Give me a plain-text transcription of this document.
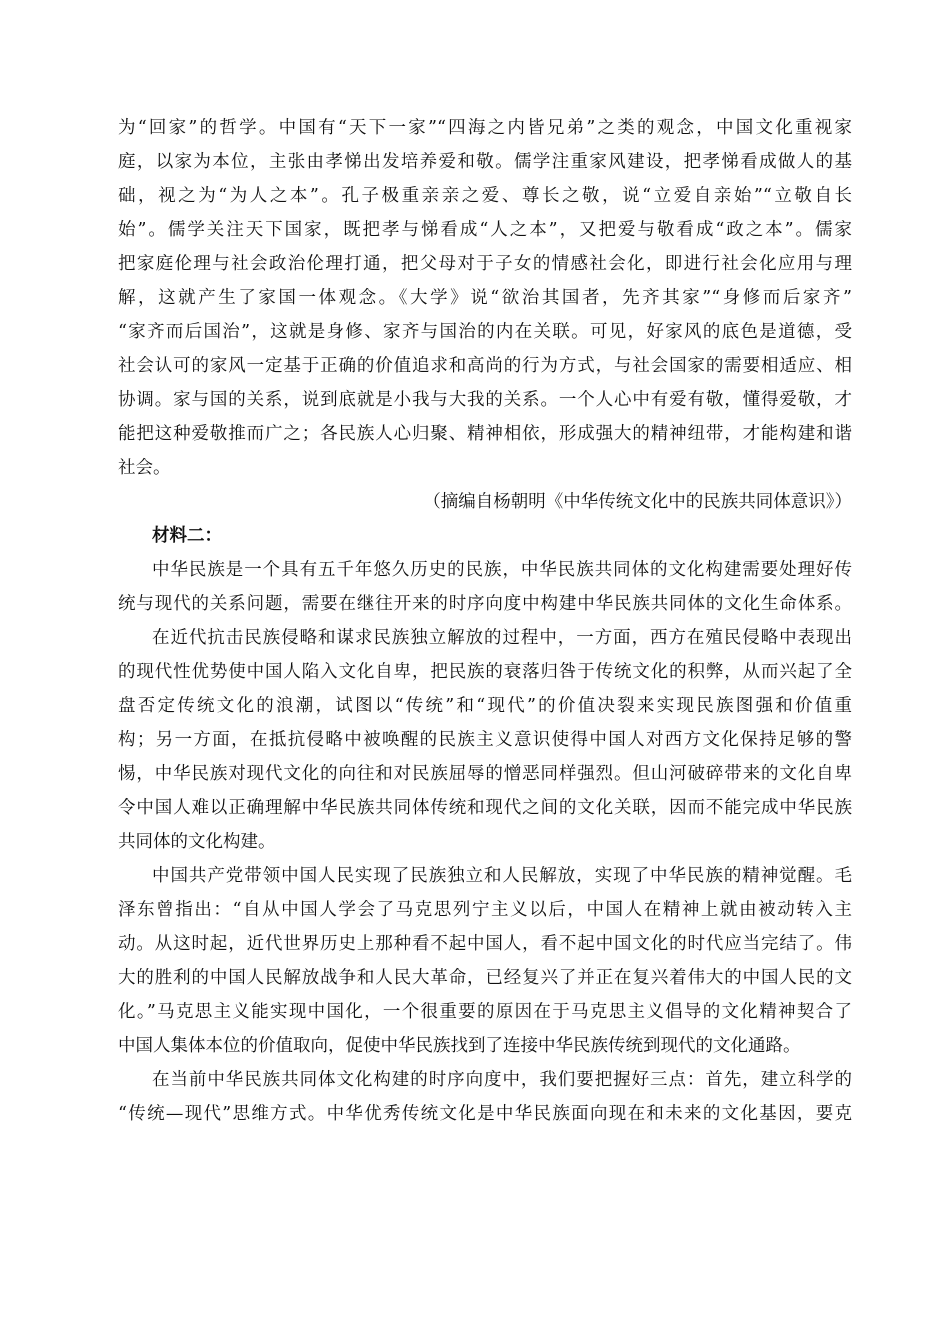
为“回家”的哲学。中国有“天下一家”“四海之内皆兄弟”之类的观念，中国文化重视家
庭，以家为本位，主张由孝悌出发培养爱和敬。儒学注重家风建设，把孝悌看成做人的基
础，视之为“为人之本”。孔子极重亲亲之爱、尊长之敬，说“立爱自亲始”“立敬自长
始”。儒学关注天下国家，既把孝与悌看成“人之本”，又把爱与敬看成“政之本”。儒家
把家庭伦理与社会政治伦理打通，把父母对于子女的情感社会化，即进行社会化应用与理
解，这就产生了家国一体观念。《大学》说“欲治其国者，先齐其家”“身修而后家齐”
“家齐而后国治”，这就是身修、家齐与国治的内在关联。可见，好家风的底色是道德，受
社会认可的家风一定基于正确的价值追求和高尚的行为方式，与社会国家的需要相适应、相
协调。家与国的关系，说到底就是小我与大我的关系。一个人心中有爱有敬，懂得爱敬，才
能把这种爱敬推而广之；各民族人心归聚、精神相依，形成强大的精神纽带，才能构建和谐
社会。
（摘编自杨朝明《中华传统文化中的民族共同体意识》）
材料二：
中华民族是一个具有五千年悠久历史的民族，中华民族共同体的文化构建需要处理好传
统与现代的关系问题，需要在继往开来的时序向度中构建中华民族共同体的文化生命体系。
在近代抗击民族侵略和谋求民族独立解放的过程中，一方面，西方在殖民侵略中表现出
的现代性优势使中国人陷入文化自卑，把民族的衰落归咎于传统文化的积弊，从而兴起了全
盘否定传统文化的浪潮，试图以“传统”和“现代”的价值决裂来实现民族图强和价值重
构；另一方面，在抵抗侵略中被唤醒的民族主义意识使得中国人对西方文化保持足够的警
惕，中华民族对现代文化的向往和对民族屈辱的憎恶同样强烈。但山河破碎带来的文化自卑
令中国人难以正确理解中华民族共同体传统和现代之间的文化关联，因而不能完成中华民族
共同体的文化构建。
中国共产党带领中国人民实现了民族独立和人民解放，实现了中华民族的精神觉醒。毛
泽东曾指出：“自从中国人学会了马克思列宁主义以后，中国人在精神上就由被动转入主
动。从这时起，近代世界历史上那种看不起中国人，看不起中国文化的时代应当完结了。伟
大的胜利的中国人民解放战争和人民大革命，已经复兴了并正在复兴着伟大的中国人民的文
化。”马克思主义能实现中国化，一个很重要的原因在于马克思主义倡导的文化精神契合了
中国人集体本位的价值取向，促使中华民族找到了连接中华民族传统到现代的文化通路。
在当前中华民族共同体文化构建的时序向度中，我们要把握好三点：首先，建立科学的
“传统—现代”思维方式。中华优秀传统文化是中华民族面向现在和未来的文化基因，要克
